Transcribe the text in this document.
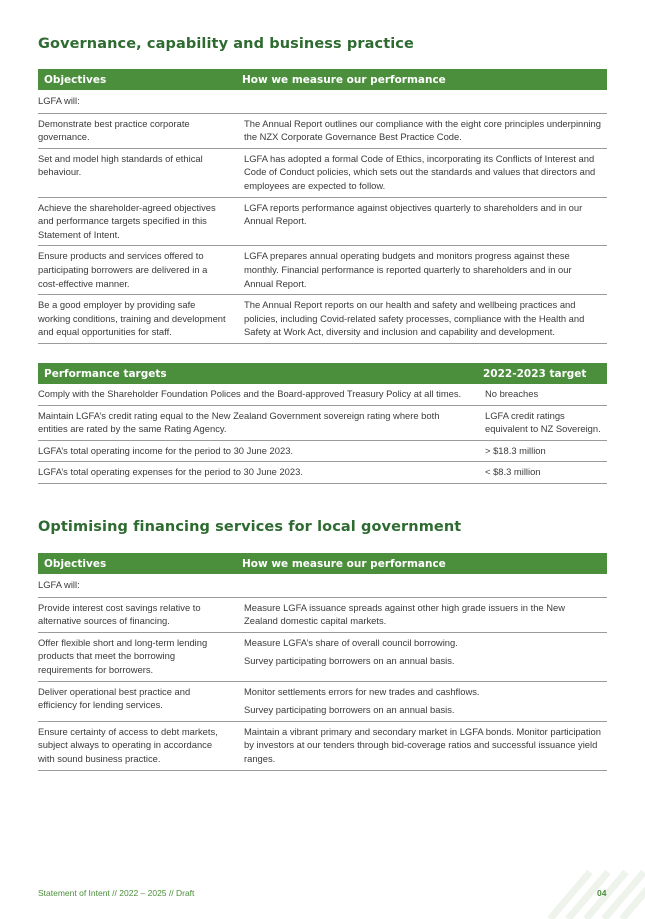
Governance, capability and business practice
Objectives	How we measure our performance
LGFA will:	
Demonstrate best practice corporate governance.	The Annual Report outlines our compliance with the eight core principles underpinning the NZX Corporate Governance Best Practice Code.

Set and model high standards of ethical behaviour.	LGFA has adopted a formal Code of Ethics, incorporating its Conflicts of Interest and Code of Conduct policies, which sets out the standards and values that directors and employees are expected to follow.

Achieve the shareholder-agreed objectives and performance targets specified in this Statement of Intent.	LGFA reports performance against objectives quarterly to shareholders and in our Annual Report.

Ensure products and services offered to participating borrowers are delivered in a cost-effective manner.	LGFA prepares annual operating budgets and monitors progress against these monthly. Financial performance is reported quarterly to shareholders and in our Annual Report.

Be a good employer by providing safe working conditions, training and development and equal opportunities for staff.	The Annual Report reports on our health and safety and wellbeing practices and policies, including Covid-related safety processes, compliance with the Health and Safety at Work Act, diversity and inclusion and capability and development.

Performance targets	2022-2023 target
Comply with the Shareholder Foundation Polices and the Board-approved Treasury Policy at all times.	No breaches
Maintain LGFA’s credit rating equal to the New Zealand Government sovereign rating where both entities are rated by the same Rating Agency.	LGFA credit ratings equivalent to NZ Sovereign.
LGFA’s total operating income for the period to 30 June 2023.	> $18.3 million
LGFA’s total operating expenses for the period to 30 June 2023.	< $8.3 million
Optimising financing services for local government
Objectives	How we measure our performance
LGFA will:	
Provide interest cost savings relative to alternative sources of financing.	Measure LGFA issuance spreads against other high grade issuers in the New Zealand domestic capital markets.

Offer flexible short and long-term lending products that meet the borrowing requirements for borrowers.	Measure LGFA’s share of overall council borrowing.

Survey participating borrowers on an annual basis.

Deliver operational best practice and efficiency for lending services.	Monitor settlements errors for new trades and cashflows.

Survey participating borrowers on an annual basis.

Ensure certainty of access to debt markets, subject always to operating in accordance with sound business practice.	Maintain a vibrant primary and secondary market in LGFA bonds. Monitor participation by investors at our tenders through bid-coverage ratios and successful issuance yield ranges.

Statement of Intent // 2022 – 2025 // Draft	04
